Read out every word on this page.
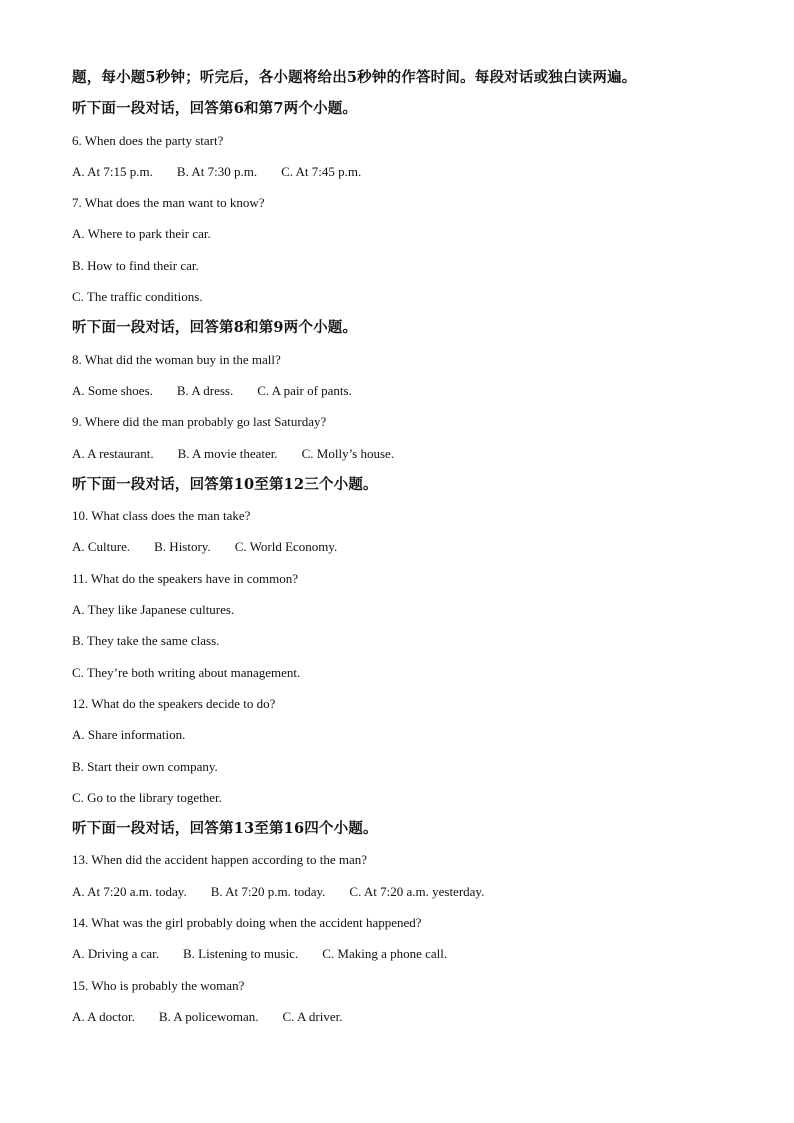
题，每小题5秒钟；听完后，各小题将给出5秒钟的作答时间。每段对话或独白读两遍。
听下面一段对话，回答第6和第7两个小题。
6. When does the party start?
A. At 7:15 p.m. B. At 7:30 p.m. C. At 7:45 p.m.
7. What does the man want to know?
A. Where to park their car.
B. How to find their car.
C. The traffic conditions.
听下面一段对话，回答第8和第9两个小题。
8. What did the woman buy in the mall?
A. Some shoes. B. A dress. C. A pair of pants.
9. Where did the man probably go last Saturday?
A. A restaurant. B. A movie theater. C. Molly’s house.
听下面一段对话，回答第10至第12三个小题。
10. What class does the man take?
A. Culture. B. History. C. World Economy.
11. What do the speakers have in common?
A. They like Japanese cultures.
B. They take the same class.
C. They’re both writing about management.
12. What do the speakers decide to do?
A. Share information.
B. Start their own company.
C. Go to the library together.
听下面一段对话，回答第13至第16四个小题。
13. When did the accident happen according to the man?
A. At 7:20 a.m. today. B. At 7:20 p.m. today. C. At 7:20 a.m. yesterday.
14. What was the girl probably doing when the accident happened?
A. Driving a car. B. Listening to music. C. Making a phone call.
15. Who is probably the woman?
A. A doctor. B. A policewoman. C. A driver.
